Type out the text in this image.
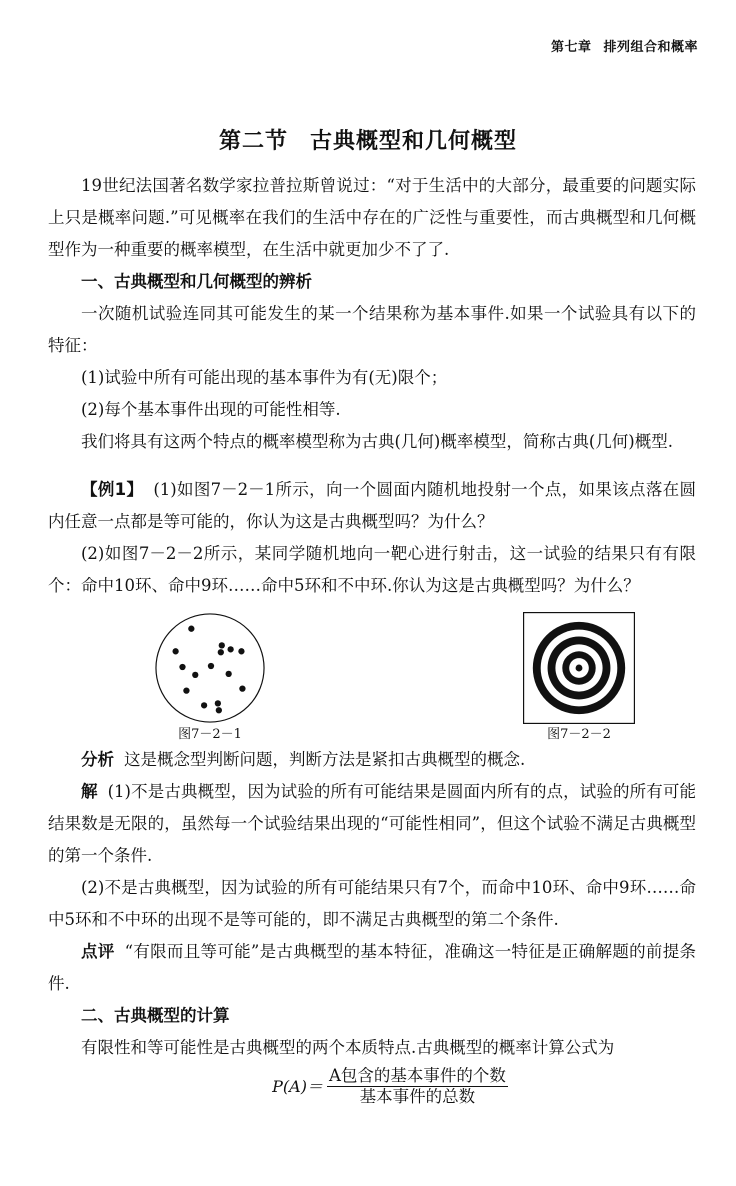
第七章 排列组合和概率
第二节 古典概型和几何概型

19世纪法国著名数学家拉普拉斯曾说过：“对于生活中的大部分，最重要的问题实际上只是概率问题.”可见概率在我们的生活中存在的广泛性与重要性，而古典概型和几何概型作为一种重要的概率模型，在生活中就更加少不了了.

一、古典概型和几何概型的辨析

一次随机试验连同其可能发生的某一个结果称为基本事件.如果一个试验具有以下的特征：

(1)试验中所有可能出现的基本事件为有(无)限个；

(2)每个基本事件出现的可能性相等.

我们将具有这两个特点的概率模型称为古典(几何)概率模型，简称古典(几何)概型.

【例1】 (1)如图7－2－1所示，向一个圆面内随机地投射一个点，如果该点落在圆内任意一点都是等可能的，你认为这是古典概型吗？为什么？

(2)如图7－2－2所示，某同学随机地向一靶心进行射击，这一试验的结果只有有限个：命中10环、命中9环……命中5环和不中环.你认为这是古典概型吗？为什么？

图7－2－1	图7－2－2

分析 这是概念型判断问题，判断方法是紧扣古典概型的概念.

解 (1)不是古典概型，因为试验的所有可能结果是圆面内所有的点，试验的所有可能结果数是无限的，虽然每一个试验结果出现的“可能性相同”，但这个试验不满足古典概型的第一个条件.

(2)不是古典概型，因为试验的所有可能结果只有7个，而命中10环、命中9环……命中5环和不中环的出现不是等可能的，即不满足古典概型的第二个条件.

点评 “有限而且等可能”是古典概型的基本特征，准确这一特征是正确解题的前提条件.

二、古典概型的计算

有限性和等可能性是古典概型的两个本质特点.古典概型的概率计算公式为

$P(A)= \frac{\text{A包含的基本事件的个数}}{\text{基本事件的总数}}$
